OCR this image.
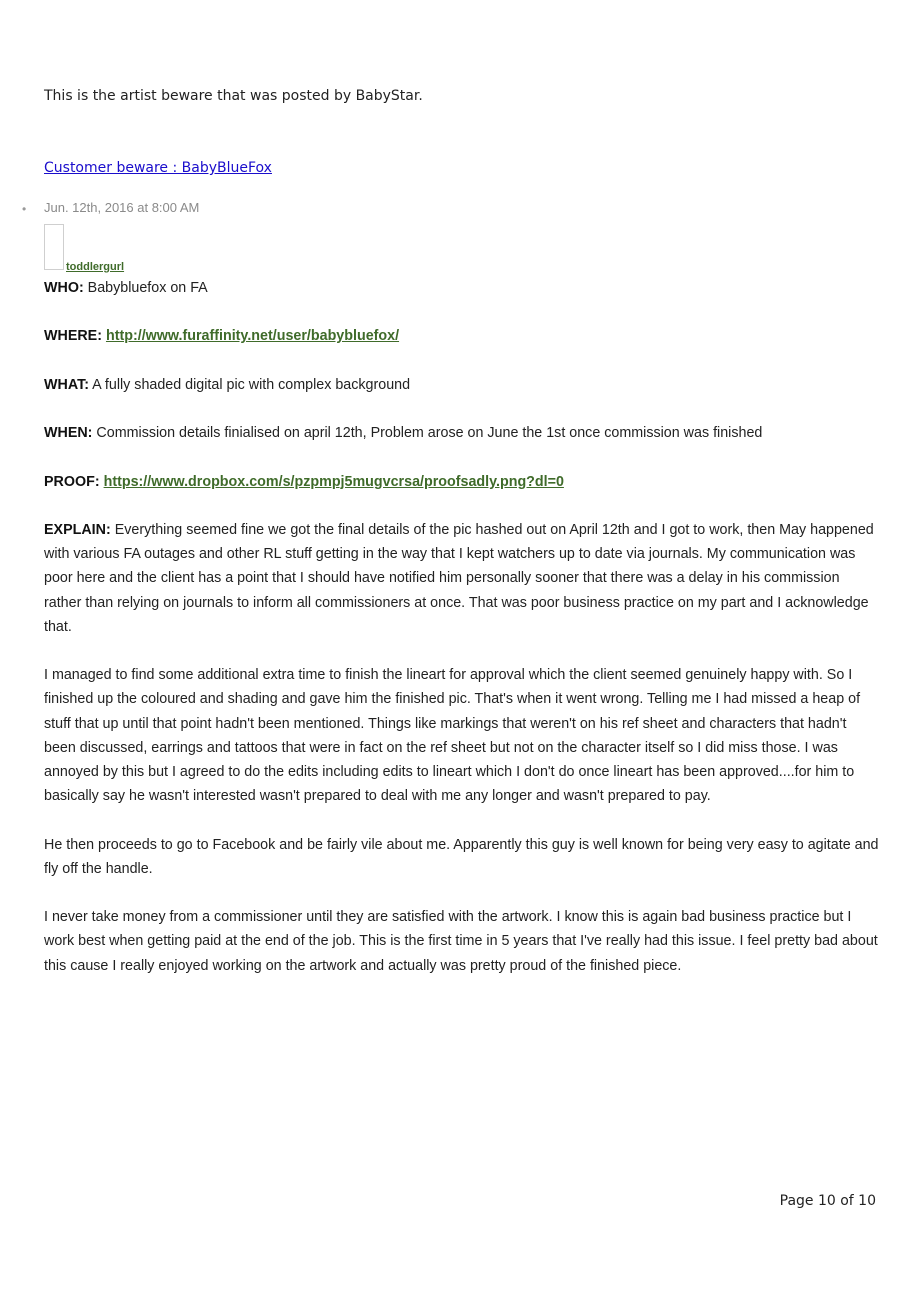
This is the artist beware that was posted by BabyStar.
Customer beware : BabyBlueFox
• Jun. 12th, 2016 at 8:00 AM
toddlergurl

WHO: Babybluefox on FA

WHERE: http://www.furaffinity.net/user/babybluefox/

WHAT: A fully shaded digital pic with complex background

WHEN: Commission details finialised on april 12th, Problem arose on June the 1st once commission was finished

PROOF: https://www.dropbox.com/s/pzpmpj5mugvcrsa/proofsadly.png?dl=0

EXPLAIN: Everything seemed fine we got the final details of the pic hashed out on April 12th and I got to work, then May happened with various FA outages and other RL stuff getting in the way that I kept watchers up to date via journals. My communication was poor here and the client has a point that I should have notified him personally sooner that there was a delay in his commission rather than relying on journals to inform all commissioners at once. That was poor business practice on my part and I acknowledge that.

I managed to find some additional extra time to finish the lineart for approval which the client seemed genuinely happy with. So I finished up the coloured and shading and gave him the finished pic. That's when it went wrong. Telling me I had missed a heap of stuff that up until that point hadn't been mentioned. Things like markings that weren't on his ref sheet and characters that hadn't been discussed, earrings and tattoos that were in fact on the ref sheet but not on the character itself so I did miss those. I was annoyed by this but I agreed to do the edits including edits to lineart which I don't do once lineart has been approved....for him to basically say he wasn't interested wasn't prepared to deal with me any longer and wasn't prepared to pay.

He then proceeds to go to Facebook and be fairly vile about me. Apparently this guy is well known for being very easy to agitate and fly off the handle.

I never take money from a commissioner until they are satisfied with the artwork. I know this is again bad business practice but I work best when getting paid at the end of the job. This is the first time in 5 years that I've really had this issue. I feel pretty bad about this cause I really enjoyed working on the artwork and actually was pretty proud of the finished piece.

Page 10 of 10
